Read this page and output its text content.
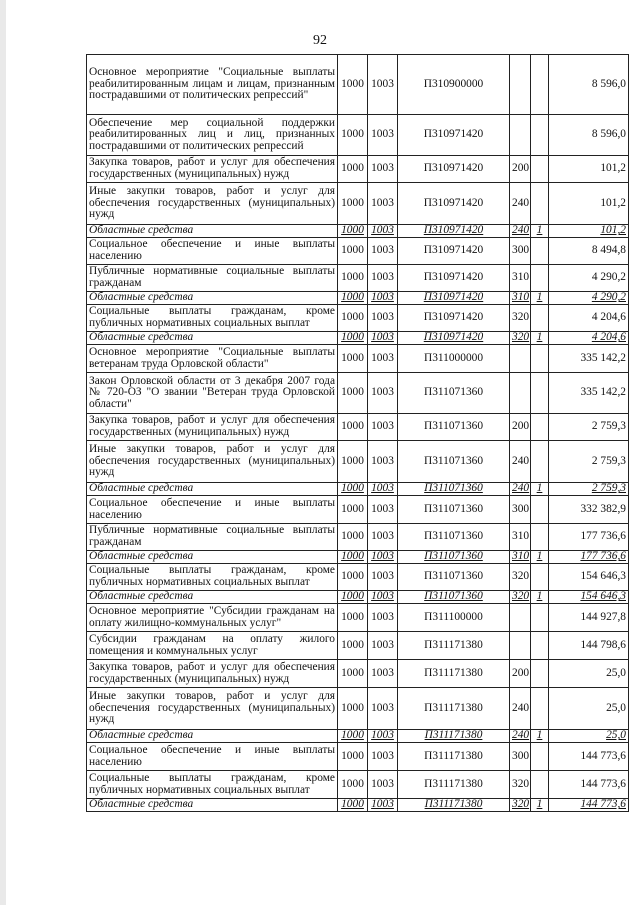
92
Основное мероприятие "Социальные выплаты реабилитированным лицам и лицам, признанным пострадавшими от политических репрессий"	1000	1003	П310900000			8 596,0
Обеспечение мер социальной поддержки реабилитированных лиц и лиц, признанных пострадавшими от политических репрессий	1000	1003	П310971420			8 596,0
Закупка товаров, работ и услуг для обеспечения государственных (муниципальных) нужд	1000	1003	П310971420	200		101,2
Иные закупки товаров, работ и услуг для обеспечения государственных (муниципальных) нужд	1000	1003	П310971420	240		101,2
Областные средства	1000	1003	П310971420	240	1	101,2
Социальное обеспечение и иные выплаты населению	1000	1003	П310971420	300		8 494,8
Публичные нормативные социальные выплаты гражданам	1000	1003	П310971420	310		4 290,2
Областные средства	1000	1003	П310971420	310	1	4 290,2
Социальные выплаты гражданам, кроме публичных нормативных социальных выплат	1000	1003	П310971420	320		4 204,6
Областные средства	1000	1003	П310971420	320	1	4 204,6
Основное мероприятие "Социальные выплаты ветеранам труда Орловской области"	1000	1003	П311000000			335 142,2
Закон Орловской области от 3 декабря 2007 года № 720-ОЗ "О звании "Ветеран труда Орловской области"	1000	1003	П311071360			335 142,2
Закупка товаров, работ и услуг для обеспечения государственных (муниципальных) нужд	1000	1003	П311071360	200		2 759,3
Иные закупки товаров, работ и услуг для обеспечения государственных (муниципальных) нужд	1000	1003	П311071360	240		2 759,3
Областные средства	1000	1003	П311071360	240	1	2 759,3
Социальное обеспечение и иные выплаты населению	1000	1003	П311071360	300		332 382,9
Публичные нормативные социальные выплаты гражданам	1000	1003	П311071360	310		177 736,6
Областные средства	1000	1003	П311071360	310	1	177 736,6
Социальные выплаты гражданам, кроме публичных нормативных социальных выплат	1000	1003	П311071360	320		154 646,3
Областные средства	1000	1003	П311071360	320	1	154 646,3
Основное мероприятие "Субсидии гражданам на оплату жилищно-коммунальных услуг"	1000	1003	П311100000			144 927,8
Субсидии гражданам на оплату жилого помещения и коммунальных услуг	1000	1003	П311171380			144 798,6
Закупка товаров, работ и услуг для обеспечения государственных (муниципальных) нужд	1000	1003	П311171380	200		25,0
Иные закупки товаров, работ и услуг для обеспечения государственных (муниципальных) нужд	1000	1003	П311171380	240		25,0
Областные средства	1000	1003	П311171380	240	1	25,0
Социальное обеспечение и иные выплаты населению	1000	1003	П311171380	300		144 773,6
Социальные выплаты гражданам, кроме публичных нормативных социальных выплат	1000	1003	П311171380	320		144 773,6
Областные средства	1000	1003	П311171380	320	1	144 773,6
